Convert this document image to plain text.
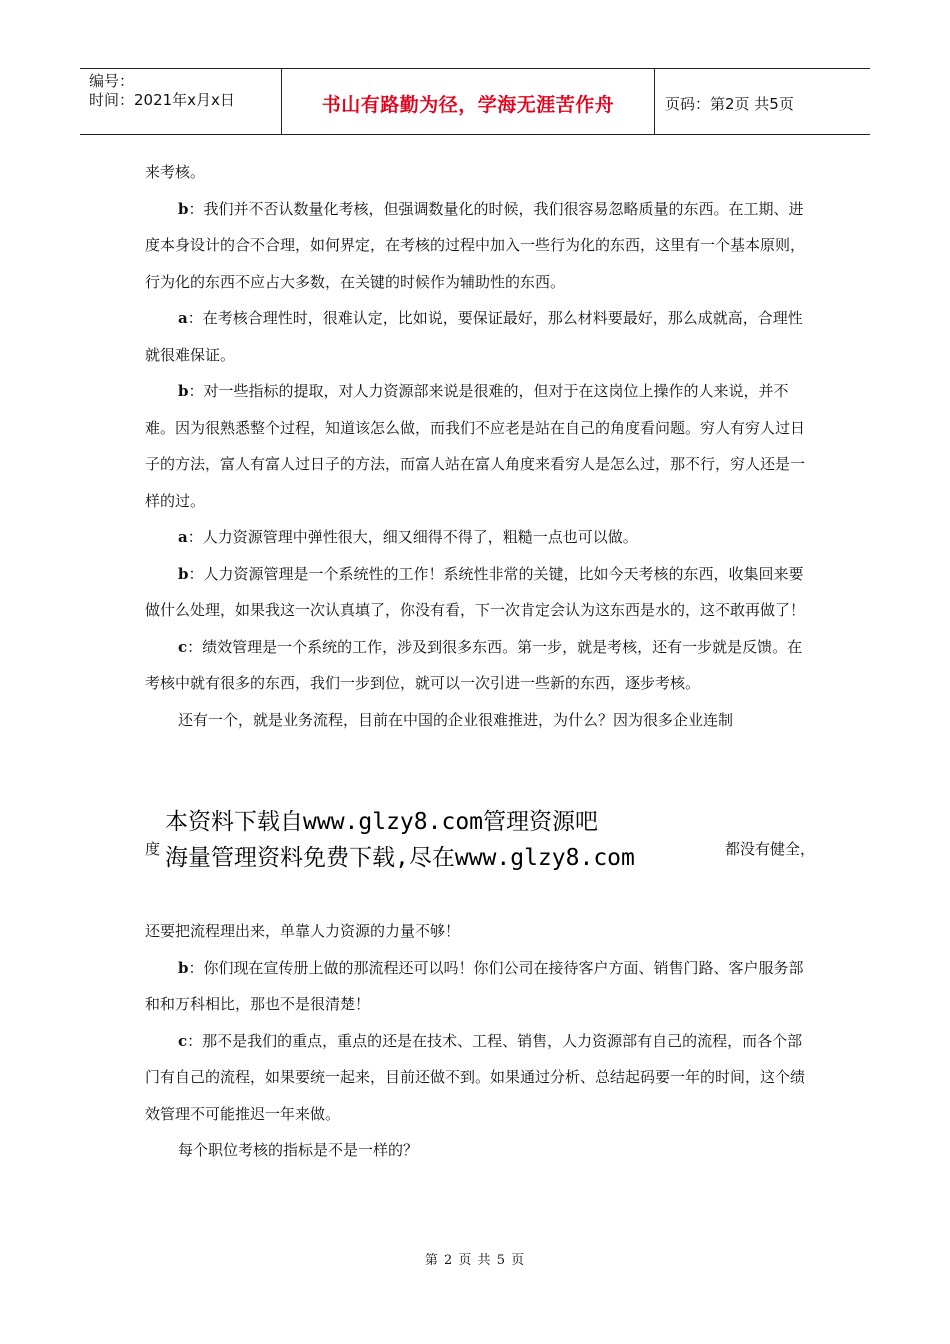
编号：
时间：2021年x月x日	书山有路勤为径，学海无涯苦作舟	页码：第2页 共5页

来考核。

b：我们并不否认数量化考核，但强调数量化的时候，我们很容易忽略质量的东西。在工期、进度本身设计的合不合理，如何界定，在考核的过程中加入一些行为化的东西，这里有一个基本原则，行为化的东西不应占大多数，在关键的时候作为辅助性的东西。

a：在考核合理性时，很难认定，比如说，要保证最好，那么材料要最好，那么成就高，合理性就很难保证。

b：对一些指标的提取，对人力资源部来说是很难的，但对于在这岗位上操作的人来说，并不难。因为很熟悉整个过程，知道该怎么做，而我们不应老是站在自己的角度看问题。穷人有穷人过日子的方法，富人有富人过日子的方法，而富人站在富人角度来看穷人是怎么过，那不行，穷人还是一样的过。

a：人力资源管理中弹性很大，细又细得不得了，粗糙一点也可以做。

b：人力资源管理是一个系统性的工作！系统性非常的关键，比如今天考核的东西，收集回来要做什么处理，如果我这一次认真填了，你没有看，下一次肯定会认为这东西是水的，这不敢再做了！

c：绩效管理是一个系统的工作，涉及到很多东西。第一步，就是考核，还有一步就是反馈。在考核中就有很多的东西，我们一步到位，就可以一次引进一些新的东西，逐步考核。

还有一个，就是业务流程，目前在中国的企业很难推进，为什么？因为很多企业连制

度
本资料下载自www.glzy8.com管理资源吧
海量管理资料免费下载,尽在www.glzy8.com	都没有健全，

还要把流程理出来，单靠人力资源的力量不够！

b：你们现在宣传册上做的那流程还可以吗！你们公司在接待客户方面、销售门路、客户服务部和和万科相比，那也不是很清楚！

c：那不是我们的重点，重点的还是在技术、工程、销售，人力资源部有自己的流程，而各个部门有自己的流程，如果要统一起来，目前还做不到。如果通过分析、总结起码要一年的时间，这个绩效管理不可能推迟一年来做。

每个职位考核的指标是不是一样的？

第 2 页 共 5 页
